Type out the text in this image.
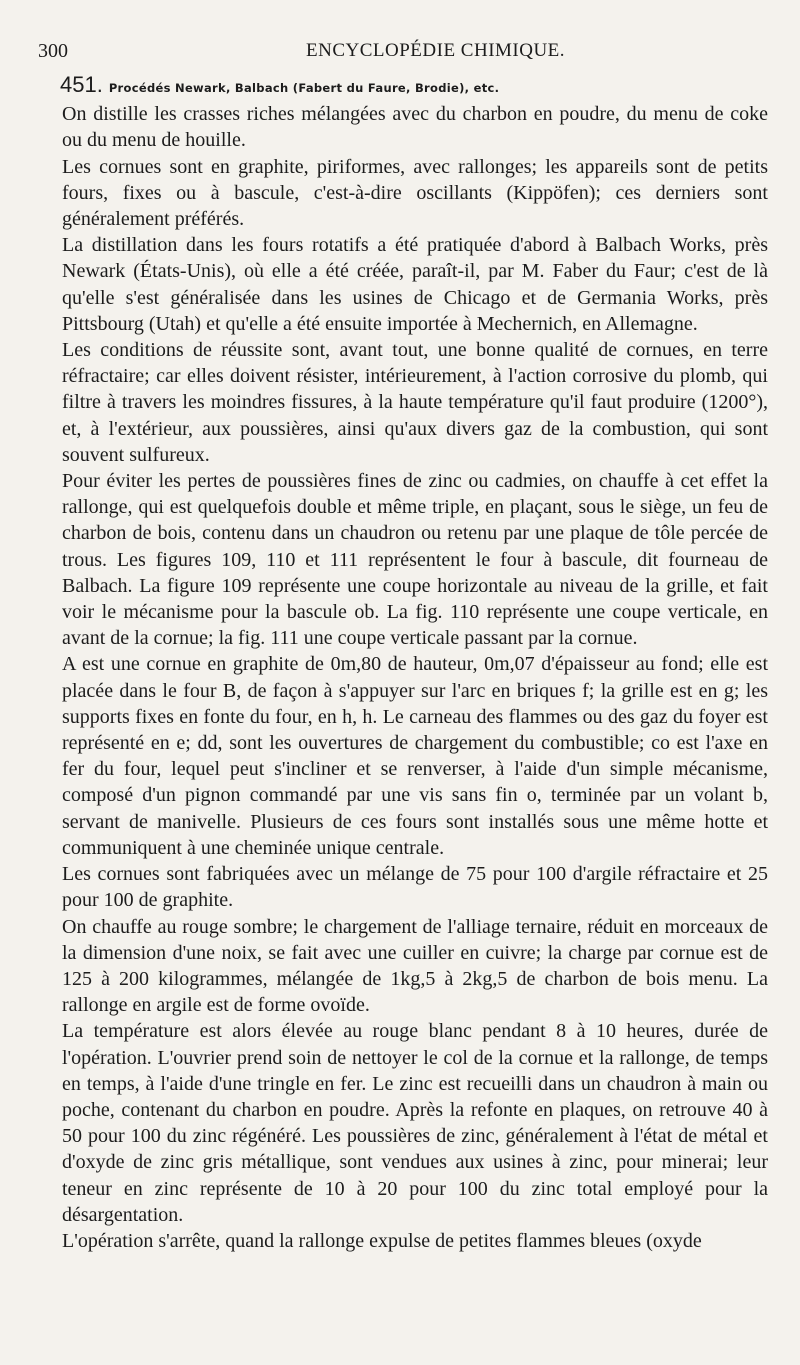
300	ENCYCLOPÉDIE CHIMIQUE.

451. Procédés Newark, Balbach (Fabert du Faure, Brodie), etc.

On distille les crasses riches mélangées avec du charbon en poudre, du menu de coke ou du menu de houille.

Les cornues sont en graphite, piriformes, avec rallonges; les appareils sont de petits fours, fixes ou à bascule, c'est-à-dire oscillants (Kippöfen); ces derniers sont généralement préférés.

La distillation dans les fours rotatifs a été pratiquée d'abord à Balbach Works, près Newark (États-Unis), où elle a été créée, paraît-il, par M. Faber du Faur; c'est de là qu'elle s'est généralisée dans les usines de Chicago et de Germania Works, près Pittsbourg (Utah) et qu'elle a été ensuite importée à Mechernich, en Allemagne.

Les conditions de réussite sont, avant tout, une bonne qualité de cornues, en terre réfractaire; car elles doivent résister, intérieurement, à l'action corrosive du plomb, qui filtre à travers les moindres fissures, à la haute température qu'il faut produire (1200°), et, à l'extérieur, aux poussières, ainsi qu'aux divers gaz de la combustion, qui sont souvent sulfureux.

Pour éviter les pertes de poussières fines de zinc ou cadmies, on chauffe à cet effet la rallonge, qui est quelquefois double et même triple, en plaçant, sous le siège, un feu de charbon de bois, contenu dans un chaudron ou retenu par une plaque de tôle percée de trous. Les figures 109, 110 et 111 représentent le four à bascule, dit fourneau de Balbach. La figure 109 représente une coupe horizontale au niveau de la grille, et fait voir le mécanisme pour la bascule ob. La fig. 110 représente une coupe verticale, en avant de la cornue; la fig. 111 une coupe verticale passant par la cornue.

A est une cornue en graphite de 0m,80 de hauteur, 0m,07 d'épaisseur au fond; elle est placée dans le four B, de façon à s'appuyer sur l'arc en briques f; la grille est en g; les supports fixes en fonte du four, en h, h. Le carneau des flammes ou des gaz du foyer est représenté en e; dd, sont les ouvertures de chargement du combustible; co est l'axe en fer du four, lequel peut s'incliner et se renverser, à l'aide d'un simple mécanisme, composé d'un pignon commandé par une vis sans fin o, terminée par un volant b, servant de manivelle. Plusieurs de ces fours sont installés sous une même hotte et communiquent à une cheminée unique centrale.

Les cornues sont fabriquées avec un mélange de 75 pour 100 d'argile réfractaire et 25 pour 100 de graphite.

On chauffe au rouge sombre; le chargement de l'alliage ternaire, réduit en morceaux de la dimension d'une noix, se fait avec une cuiller en cuivre; la charge par cornue est de 125 à 200 kilogrammes, mélangée de 1kg,5 à 2kg,5 de charbon de bois menu. La rallonge en argile est de forme ovoïde.

La température est alors élevée au rouge blanc pendant 8 à 10 heures, durée de l'opération. L'ouvrier prend soin de nettoyer le col de la cornue et la rallonge, de temps en temps, à l'aide d'une tringle en fer. Le zinc est recueilli dans un chaudron à main ou poche, contenant du charbon en poudre. Après la refonte en plaques, on retrouve 40 à 50 pour 100 du zinc régénéré. Les poussières de zinc, généralement à l'état de métal et d'oxyde de zinc gris métallique, sont vendues aux usines à zinc, pour minerai; leur teneur en zinc représente de 10 à 20 pour 100 du zinc total employé pour la désargentation.

L'opération s'arrête, quand la rallonge expulse de petites flammes bleues (oxyde
